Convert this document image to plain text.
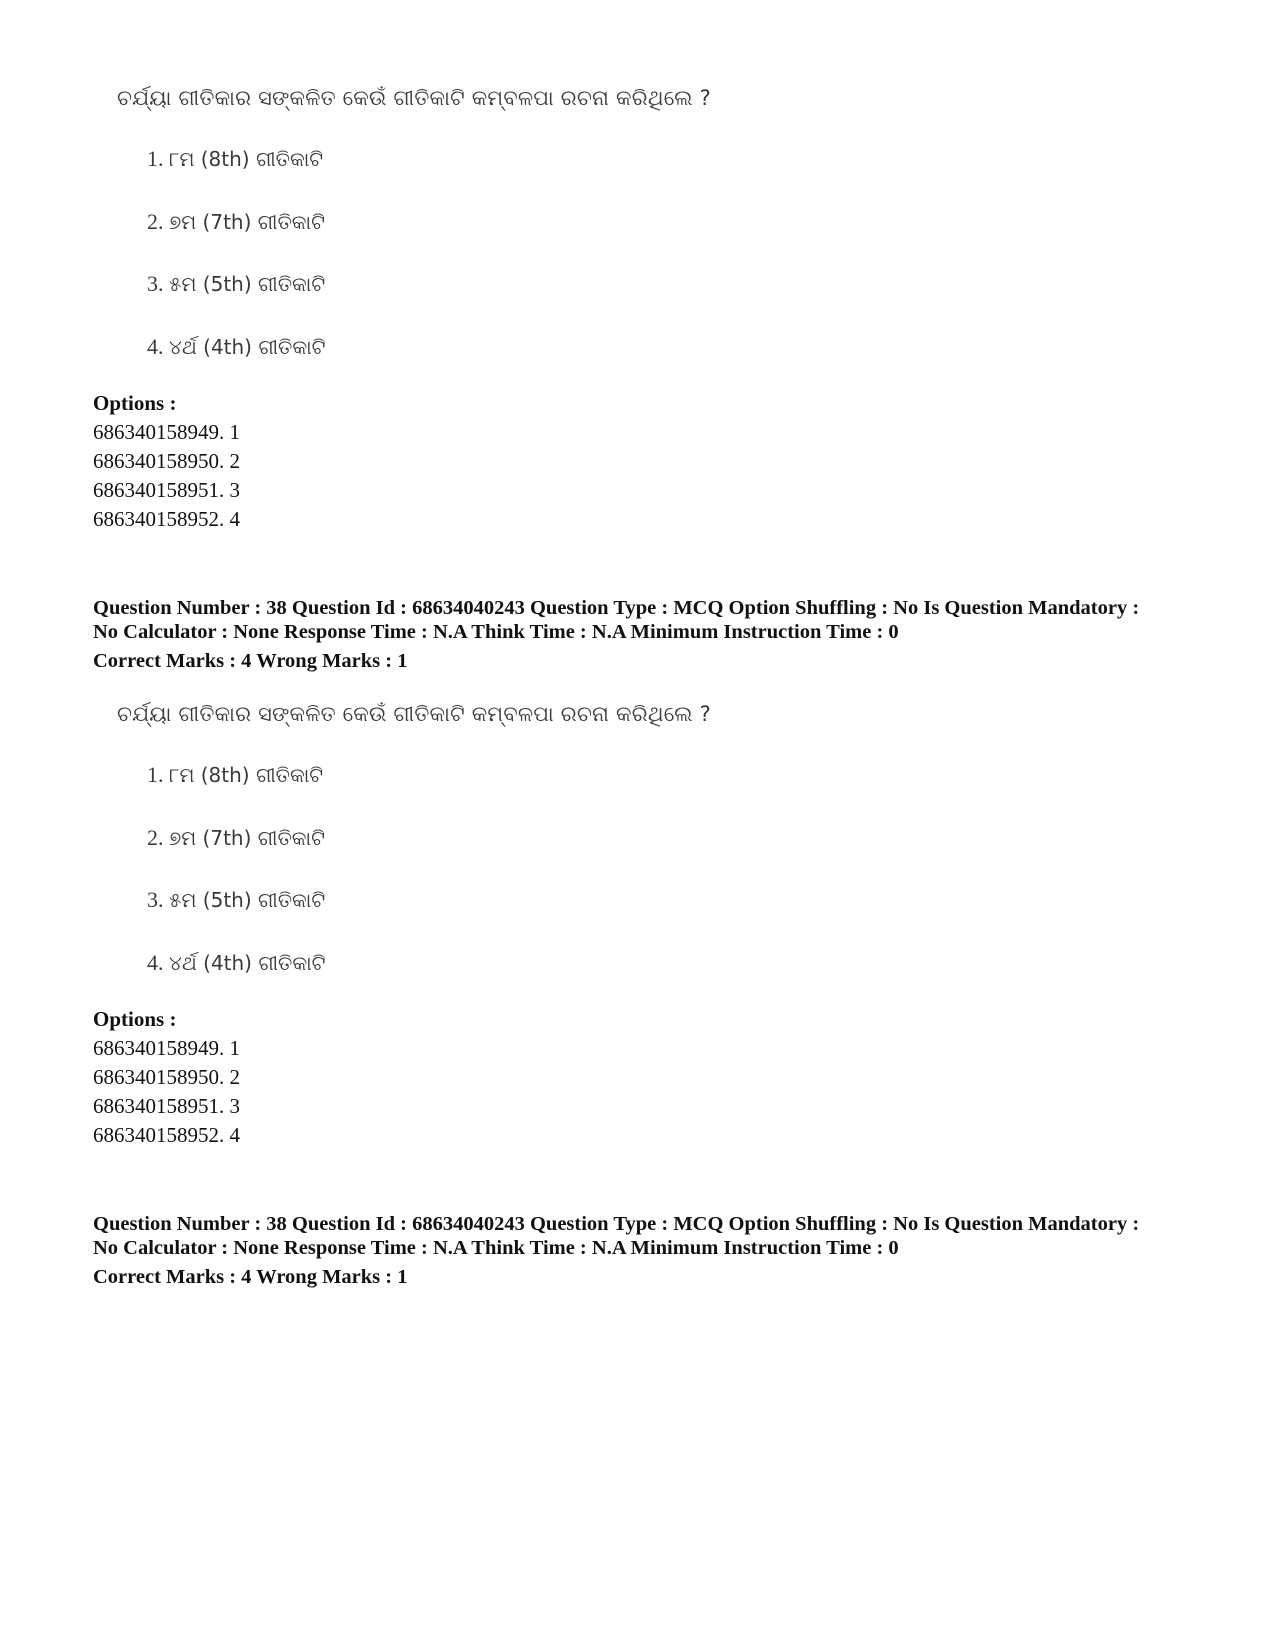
ଚର୍ଯ୍ୟା ଗୀତିକାର ସଙ୍କଳିତ କେଉଁ ଗୀତିକାଟି କମ୍ବଳପା ରଚନା କରିଥିଲେ ?
1. ୮ମ (8th) ଗୀତିକାଟି
2. ୭ମ (7th) ଗୀତିକାଟି
3. ୫ମ (5th) ଗୀତିକାଟି
4. ୪ର୍ଥ (4th) ଗୀତିକାଟି

Options :

686340158949. 1

686340158950. 2

686340158951. 3

686340158952. 4

Question Number : 38 Question Id : 68634040243 Question Type : MCQ Option Shuffling : No Is Question Mandatory :

No Calculator : None Response Time : N.A Think Time : N.A Minimum Instruction Time : 0

Correct Marks : 4 Wrong Marks : 1

ଚର୍ଯ୍ୟା ଗୀତିକାର ସଙ୍କଳିତ କେଉଁ ଗୀତିକାଟି କମ୍ବଳପା ରଚନା କରିଥିଲେ ?
1. ୮ମ (8th) ଗୀତିକାଟି
2. ୭ମ (7th) ଗୀତିକାଟି
3. ୫ମ (5th) ଗୀତିକାଟି
4. ୪ର୍ଥ (4th) ଗୀତିକାଟି

Options :

686340158949. 1

686340158950. 2

686340158951. 3

686340158952. 4

Question Number : 38 Question Id : 68634040243 Question Type : MCQ Option Shuffling : No Is Question Mandatory :

No Calculator : None Response Time : N.A Think Time : N.A Minimum Instruction Time : 0

Correct Marks : 4 Wrong Marks : 1
